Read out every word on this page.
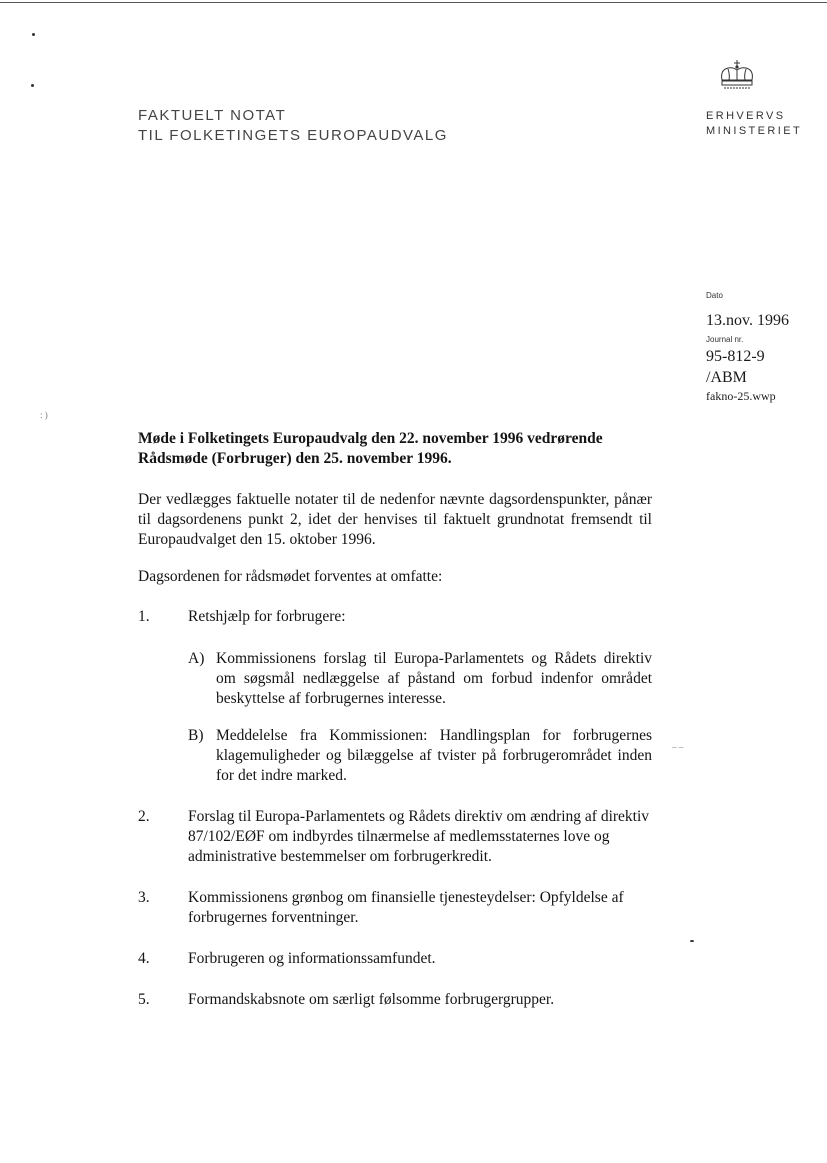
FAKTUELT NOTAT
TIL FOLKETINGETS EUROPAUDVALG
ERHVERVS
MINISTERIET
Dato
13.nov. 1996
Journal nr.
95-812-9
/ABM
fakno-25.wwp
: )
– –
Møde i Folketingets Europaudvalg den 22. november 1996 vedrørende Rådsmøde (Forbruger) den 25. november 1996.
Der vedlægges faktuelle notater til de nedenfor nævnte dagsordenspunkter, pånær til dagsordenens punkt 2, idet der henvises til faktuelt grundnotat fremsendt til Europaudvalget den 15. oktober 1996.
Dagsordenen for rådsmødet forventes at omfatte:
1. Retshjælp for forbrugere:
A) Kommissionens forslag til Europa-Parlamentets og Rådets direktiv om søgsmål nedlæggelse af påstand om forbud indenfor området beskyttelse af forbrugernes interesse.
B) Meddelelse fra Kommissionen: Handlingsplan for forbrugernes klagemuligheder og bilæggelse af tvister på forbrugerområdet inden for det indre marked.
2. Forslag til Europa-Parlamentets og Rådets direktiv om ændring af direktiv 87/102/EØF om indbyrdes tilnærmelse af medlemsstaternes love og administrative bestemmelser om forbrugerkredit.
3. Kommissionens grønbog om finansielle tjenesteydelser: Opfyldelse af forbrugernes forventninger.
4. Forbrugeren og informationssamfundet.
5. Formandskabsnote om særligt følsomme forbrugergrupper.
